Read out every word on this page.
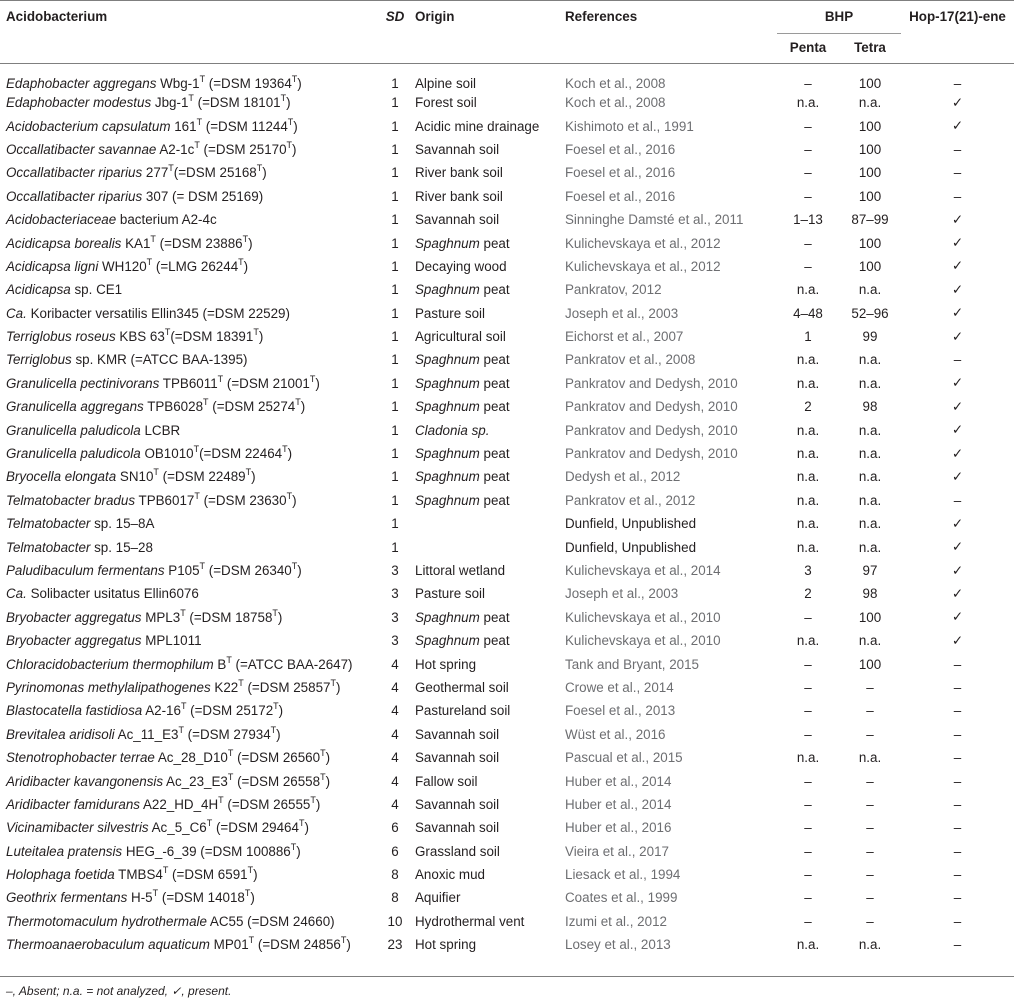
Acidobacterium	SD	Origin	References	BHP		Hop-17(21)-ene
				Penta	Tetra	
Edaphobacter aggregans Wbg-$1^T$ (=DSM $19364^T$)	1	Alpine soil	Koch et al., 2008	–	100	–
Edaphobacter modestus Jbg-$1^T$ (=DSM $18101^T$)	1	Forest soil	Koch et al., 2008	n.a.	n.a.	✓
Acidobacterium capsulatum $161^T$ (=DSM $11244^T$)	1	Acidic mine drainage	Kishimoto et al., 1991	–	100	✓
Occallatibacter savannae $A2-1c^T$ (=DSM $25170^T$)	1	Savannah soil	Foesel et al., 2016	–	100	–
Occallatibacter riparius $277^T(=DSM$ $25168^T$)	1	River bank soil	Foesel et al., 2016	–	100	–
Occallatibacter riparius 307 (= DSM 25169)	1	River bank soil	Foesel et al., 2016	–	100	–
Acidobacteriaceae bacterium A2-4c	1	Savannah soil	Sinninghe Damsté et al., 2011	1–13	87–99	✓
Acidicapsa borealis $KA1^T$ (=DSM $23886^T$)	1	Spaghnum peat	Kulichevskaya et al., 2012	–	100	✓
Acidicapsa ligni $WH120^T$ (=LMG $26244^T$)	1	Decaying wood	Kulichevskaya et al., 2012	–	100	✓
Acidicapsa sp. CE1	1	Spaghnum peat	Pankratov, 2012	n.a.	n.a.	✓
Ca. Koribacter versatilis Ellin345 (=DSM 22529)	1	Pasture soil	Joseph et al., 2003	4–48	52–96	✓
Terriglobus roseus KBS $63^T(=DSM$ $18391^T$)	1	Agricultural soil	Eichorst et al., 2007	1	99	✓
Terriglobus sp. KMR (=ATCC BAA-1395)	1	Spaghnum peat	Pankratov et al., 2008	n.a.	n.a.	–
Granulicella pectinivorans $TPB6011^T$ (=DSM $21001^T$)	1	Spaghnum peat	Pankratov and Dedysh, 2010	n.a.	n.a.	✓
Granulicella aggregans $TPB6028^T$ (=DSM $25274^T$)	1	Spaghnum peat	Pankratov and Dedysh, 2010	2	98	✓
Granulicella paludicola LCBR	1	Cladonia sp.	Pankratov and Dedysh, 2010	n.a.	n.a.	✓
Granulicella paludicola $OB1010^T(=DSM$ $22464^T$)	1	Spaghnum peat	Pankratov and Dedysh, 2010	n.a.	n.a.	✓
Bryocella elongata $SN10^T$ (=DSM $22489^T$)	1	Spaghnum peat	Dedysh et al., 2012	n.a.	n.a.	✓
Telmatobacter bradus $TPB6017^T$ (=DSM $23630^T$)	1	Spaghnum peat	Pankratov et al., 2012	n.a.	n.a.	–
Telmatobacter sp. 15–8A	1		Dunfield, Unpublished	n.a.	n.a.	✓
Telmatobacter sp. 15–28	1		Dunfield, Unpublished	n.a.	n.a.	✓
Paludibaculum fermentans $P105^T$ (=DSM $26340^T$)	3	Littoral wetland	Kulichevskaya et al., 2014	3	97	✓
Ca. Solibacter usitatus Ellin6076	3	Pasture soil	Joseph et al., 2003	2	98	✓
Bryobacter aggregatus $MPL3^T$ (=DSM $18758^T$)	3	Spaghnum peat	Kulichevskaya et al., 2010	–	100	✓
Bryobacter aggregatus MPL1011	3	Spaghnum peat	Kulichevskaya et al., 2010	n.a.	n.a.	✓
Chloracidobacterium thermophilum $B^T$ (=ATCC BAA-2647)	4	Hot spring	Tank and Bryant, 2015	–	100	–
Pyrinomonas methylalipathogenes $K22^T$ (=DSM $25857^T$)	4	Geothermal soil	Crowe et al., 2014	–	–	–
Blastocatella fastidiosa $A2-16^T$ (=DSM $25172^T$)	4	Pastureland soil	Foesel et al., 2013	–	–	–
Brevitalea aridisoli $Ac\_11\_E3^T$ (=DSM $27934^T$)	4	Savannah soil	Wüst et al., 2016	–	–	–
Stenotrophobacter terrae $Ac\_28\_D10^T$ (=DSM $26560^T$)	4	Savannah soil	Pascual et al., 2015	n.a.	n.a.	–
Aridibacter kavangonensis $Ac\_23\_E3^T$ (=DSM $26558^T$)	4	Fallow soil	Huber et al., 2014	–	–	–
Aridibacter famidurans $A22\_HD\_4H^T$ (=DSM $26555^T$)	4	Savannah soil	Huber et al., 2014	–	–	–
Vicinamibacter silvestris $Ac\_5\_C6^T$ (=DSM $29464^T$)	6	Savannah soil	Huber et al., 2016	–	–	–
Luteitalea pratensis HEG_-6_39 (=DSM $100886^T$)	6	Grassland soil	Vieira et al., 2017	–	–	–
Holophaga foetida $TMBS4^T$ (=DSM $6591^T$)	8	Anoxic mud	Liesack et al., 1994	–	–	–
Geothrix fermentans $H-5^T$ (=DSM $14018^T$)	8	Aquifier	Coates et al., 1999	–	–	–
Thermotomaculum hydrothermale AC55 (=DSM 24660)	10	Hydrothermal vent	Izumi et al., 2012	–	–	–
Thermoanaerobaculum aquaticum $MP01^T$ (=DSM $24856^T$)	23	Hot spring	Losey et al., 2013	n.a.	n.a.	–
–, Absent; n.a. = not analyzed, ✓, present.
